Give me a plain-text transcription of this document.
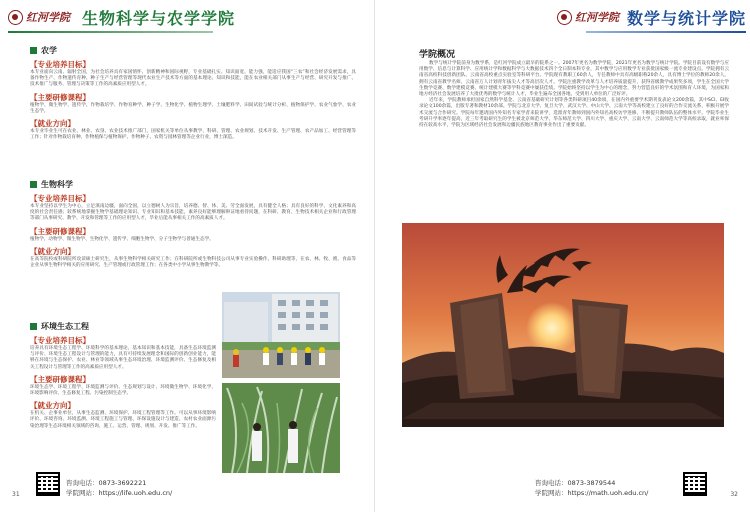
红河学院 生物科学与农学学院
农学
【专业培养目标】
本专业面向云南、辐射全国，为社会培养具有家国情怀、创新精神和国际视野，专业基础扎实、知识面宽、能力强，能适应我国“三农”和社会经济发展需求，具备作物生产、作物遗传育种、种子生产与经营管理等现代农业生产技术等方面的基本理论、知识和技能，能在农业相关部门从事生产与经营、研究开发与推广、技术推广与服务、管理与决策等工作的高素质应用型人才。
【主要研修课程】
植物学、微生物学、遗传学、作物栽培学、作物育种学、种子学、生物化学、植物生理学、土壤肥料学、田间试验与统计分析、植物保护学、农业气象学、农业生态学。
【就业方向】
本专业毕业生可在农业、林业、农垦、农业技术推广部门，国家机关等单位从事教学、科研、管理、农业规划、技术开发、生产管理、农产品加工、经营管理等工作；针对作物栽培育种、作物植保与植物保护、作物种子、农资与园林管理等企业行业，博士深造。
生物科学
【专业培养目标】
本专业坚持以学生为中心，立足滇南边疆，面向全国，以立德树人为宗旨，培养德、智、体、美、劳全面发展，具有健全人格；具有良好的科学、文化素养和高度的社会责任感；较系统地掌握生物学基础理论知识、专业知识和基本技能，素养良好能够理解辩证地看待问题，在科研、教育、生物技术相关企业和行政管理等部门从事研究、教学、开发和管理等工作的应用型人才，毕业后能从事相关工作的高素质人才。
【主要研修课程】
植物学、动物学、微生物学、生物化学、遗传学、细胞生物学、分子生物学与普通生态学。
【就业方向】
在高等院校或科研院所攻读硕士研究生，从事生物科学相关研究工作；在科研院所或生物科技公司从事专业实验操作、科研助理等，在农、林、牧、渔、食品等企业从事生物科学相关的应用研究、生产管理或行政管理工作；在各类中小学从事生物教学等。
环境生态工程
【专业培养目标】
培养具有环境生态工程学、环境科学的基本理论，基本知识和基本技能，具备生态环境监测与评价、环境生态工程设计与管理的能力，具有可持续发展理念和国际的创新创业能力，能够在环境与生态保护、农业、林业等领域从事生态环境治理、环境监测评价、生态修复及相关工程设计与管理等工作的高素质应用型人才。
【主要研修课程】
环境生态学、环境工程学、环境监测与评价、生态规划与设计、环境微生物学、环境化学、环境影响评价、生态修复工程、污染控制生态学。
【就业方向】
在机关、企事业单位，从事生态监测、环境保护、环境工程管理等工作。可以从事环境影响评价、环境咨询、环境监测、环境工程施工与管理、环保设施设计与建造、农村农业面源污染治理等生态环境相关领域的咨询、施工、运营、管理、规划、开发、推广等工作。
咨询电话：0873-3692221
学院网站：https://life.uoh.edu.cn/
31
红河学院 数学与统计学院
学院概况
数学与统计学院前身为数学系，是红河学院成立最早的院系之一。2007年更名为数学学院，2021年更名为数学与统计学院。学院目前设有数学与应用数学、信息与计算科学、应用统计学和数据科学与大数据技术四个全日制本科专业，其中数学与应用数学专业获批国家级一流专业建设点。学院拥有云南省高校科技创新团队、云南省高校重点实验室等科研平台。学院现有教职工60余人，专任教师中具有高级职称20余人，具有博士学位的教师20余人，拥有云南省教学名师、云南省万人计划青年拔尖人才等高层次人才。学院注重教学改革与人才培养质量提升，获得省级教学成果奖多项，学生在全国大学生数学竞赛、数学建模竞赛、统计建模大赛等学科竞赛中屡获佳绩。学院始终坚持以学生为中心的理念，努力营造良好的学术氛围和育人环境，为国家和地方经济社会发展培养了大批优秀的数学与统计人才，毕业生遍布全国各地，受到用人单位的广泛好评。
近年来，学院教师承担国家自然科学基金、云南省基础研究计划等各类科研项目40余项，在国内外重要学术期刊发表论文200余篇，其中SCI、EI收录论文100余篇，出版专著和教材10余部。学院与北京大学、复旦大学、武汉大学、中山大学、云南大学等高校建立了良好的合作交流关系，积极开展学术交流与合作研究。学院每年邀请国内外知名专家学者来院讲学，选派青年教师到国内外知名高校访学进修，不断提升教师队伍的整体水平。学院毕业生考研升学率逐年提高，近三年考取研究生的学生被北京师范大学、华东师范大学、四川大学、重庆大学、云南大学、云南师范大学等高校录取，就业率保持在较高水平，学院为区域经济社会发展和边疆民族地区教育事业作出了重要贡献。
咨询电话：0873-3879544
学院网站：https://math.uoh.edu.cn/	32
